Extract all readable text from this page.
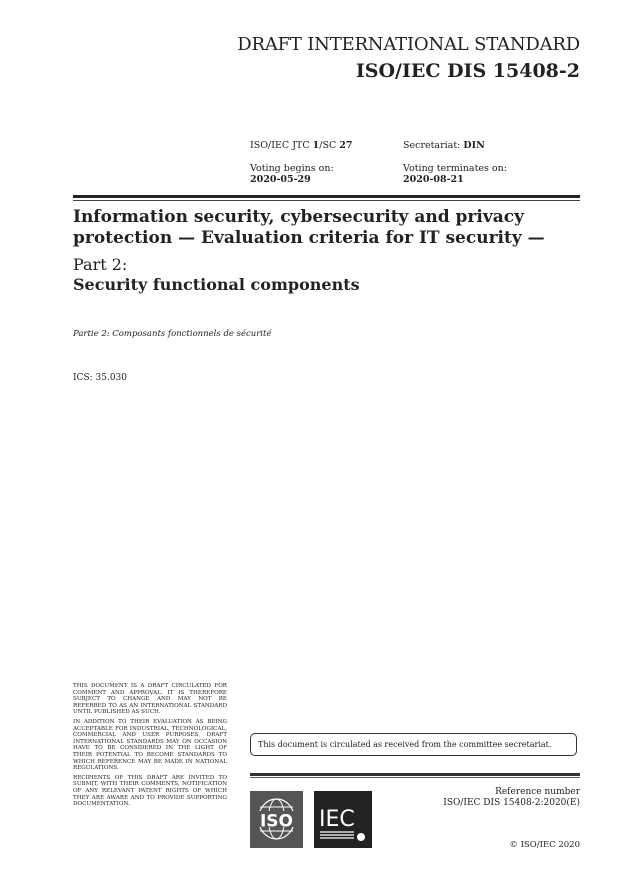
DRAFT INTERNATIONAL STANDARD
ISO/IEC DIS 15408-2
ISO/IEC JTC 1/SC 27	Secretariat: DIN
Voting begins on:
2020-05-29
Voting terminates on:
2020-08-21
Information security, cybersecurity and privacy protection — Evaluation criteria for IT security —
Part 2:
Security functional components
Partie 2: Composants fonctionnels de sécurité
ICS: 35.030

THIS DOCUMENT IS A DRAFT CIRCULATED FOR COMMENT AND APPROVAL. IT IS THEREFORE SUBJECT TO CHANGE AND MAY NOT BE REFERRED TO AS AN INTERNATIONAL STANDARD UNTIL PUBLISHED AS SUCH.

IN ADDITION TO THEIR EVALUATION AS BEING ACCEPTABLE FOR INDUSTRIAL, TECHNOLOGICAL, COMMERCIAL AND USER PURPOSES, DRAFT INTERNATIONAL STANDARDS MAY ON OCCASION HAVE TO BE CONSIDERED IN THE LIGHT OF THEIR POTENTIAL TO BECOME STANDARDS TO WHICH REFERENCE MAY BE MADE IN NATIONAL REGULATIONS.

RECIPIENTS OF THIS DRAFT ARE INVITED TO SUBMIT, WITH THEIR COMMENTS, NOTIFICATION OF ANY RELEVANT PATENT RIGHTS OF WHICH THEY ARE AWARE AND TO PROVIDE SUPPORTING DOCUMENTATION.

This document is circulated as received from the committee secretariat.
ISO IEC
Reference number
ISO/IEC DIS 15408-2:2020(E)
© ISO/IEC 2020
